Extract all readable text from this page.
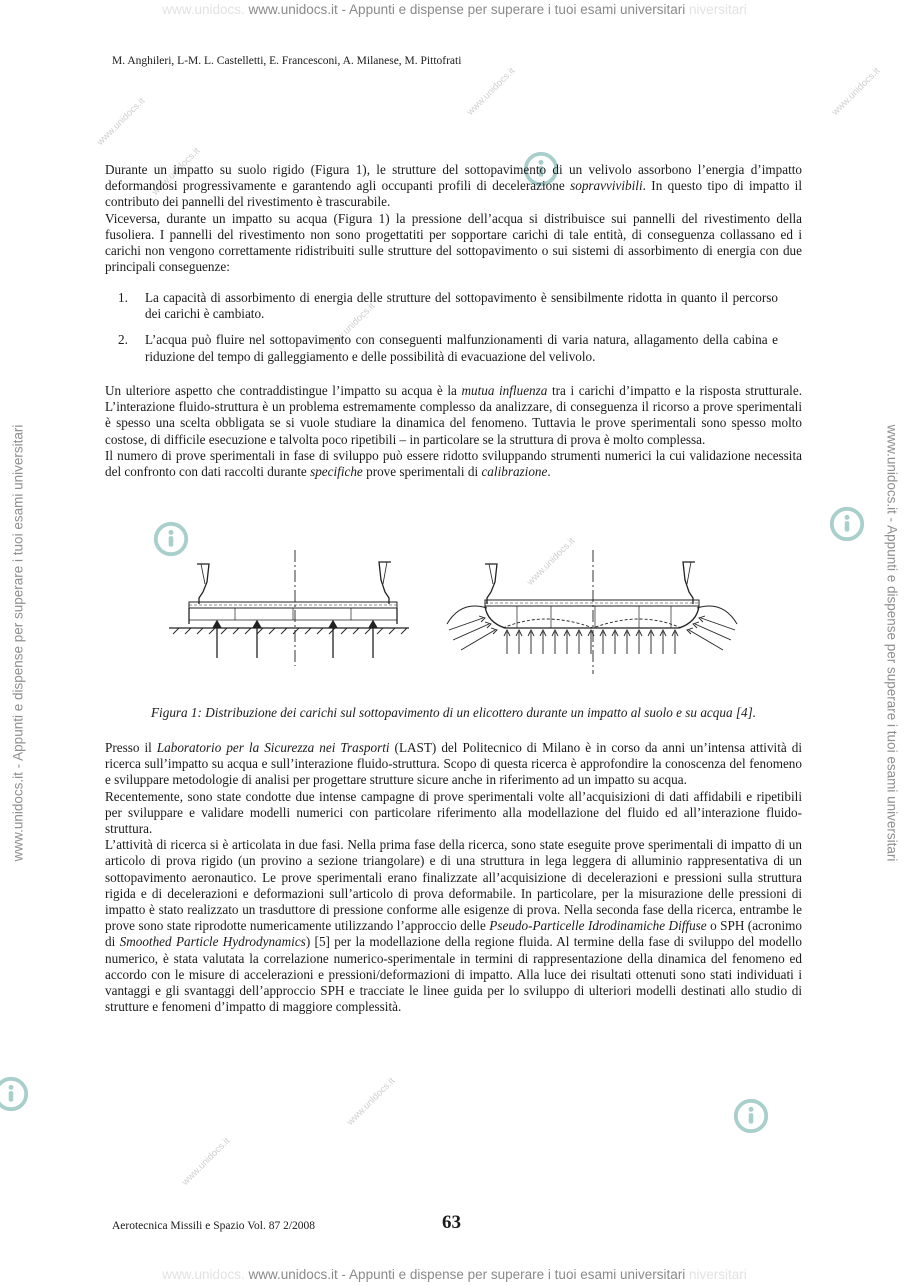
www.unidocs. www.unidocs.it - Appunti e dispense per superare i tuoi esami universitari niversitari
www.unidocs. www.unidocs.it - Appunti e dispense per superare i tuoi esami universitari niversitari
www.unidocs.it - Appunti e dispense per superare i tuoi esami universitari	www.unidocs.it - Appunti e dispense per superare i tuoi esami universitari
www.unidocs.it
www.unidocs.it	www.unidocs.it
www.unidocs.it
www.unidocs.it
www.unidocs.it
www.unidocs.it
www.unidocs.it
M. Anghileri, L-M. L. Castelletti, E. Francesconi, A. Milanese, M. Pittofrati

Durante un impatto su suolo rigido (Figura 1), le strutture del sottopavimento di un velivolo assorbono l’energia d’impatto deformandosi progressivamente e garantendo agli occupanti profili di decelerazione sopravvivibili. In questo tipo di impatto il contributo dei pannelli del rivestimento è trascurabile.

Viceversa, durante un impatto su acqua (Figura 1) la pressione dell’acqua si distribuisce sui pannelli del rivestimento della fusoliera. I pannelli del rivestimento non sono progettatiti per sopportare carichi di tale entità, di conseguenza collassano ed i carichi non vengono correttamente ridistribuiti sulle strutture del sottopavimento o sui sistemi di assorbimento di energia con due principali conseguenze:

1.	La capacità di assorbimento di energia delle strutture del sottopavimento è sensibilmente ridotta in quanto il percorso dei carichi è cambiato.
2.	L’acqua può fluire nel sottopavimento con conseguenti malfunzionamenti di varia natura, allagamento della cabina e riduzione del tempo di galleggiamento e delle possibilità di evacuazione del velivolo.

Un ulteriore aspetto che contraddistingue l’impatto su acqua è la mutua influenza tra i carichi d’impatto e la risposta strutturale. L’interazione fluido-struttura è un problema estremamente complesso da analizzare, di conseguenza il ricorso a prove sperimentali è spesso una scelta obbligata se si vuole studiare la dinamica del fenomeno. Tuttavia le prove sperimentali sono spesso molto costose, di difficile esecuzione e talvolta poco ripetibili – in particolare se la struttura di prova è molto complessa.

Il numero di prove sperimentali in fase di sviluppo può essere ridotto sviluppando strumenti numerici la cui validazione necessita del confronto con dati raccolti durante specifiche prove sperimentali di calibrazione.

Figura 1: Distribuzione dei carichi sul sottopavimento di un elicottero durante un impatto al suolo e su acqua [4].

Presso il Laboratorio per la Sicurezza nei Trasporti (LAST) del Politecnico di Milano è in corso da anni un’intensa attività di ricerca sull’impatto su acqua e sull’interazione fluido-struttura. Scopo di questa ricerca è approfondire la conoscenza del fenomeno e sviluppare metodologie di analisi per progettare strutture sicure anche in riferimento ad un impatto su acqua.

Recentemente, sono state condotte due intense campagne di prove sperimentali volte all’acquisizioni di dati affidabili e ripetibili per sviluppare e validare modelli numerici con particolare riferimento alla modellazione del fluido ed all’interazione fluido-struttura.

L’attività di ricerca si è articolata in due fasi. Nella prima fase della ricerca, sono state eseguite prove sperimentali di impatto di un articolo di prova rigido (un provino a sezione triangolare) e di una struttura in lega leggera di alluminio rappresentativa di un sottopavimento aeronautico. Le prove sperimentali erano finalizzate all’acquisizione di decelerazioni e pressioni sulla struttura rigida e di decelerazioni e deformazioni sull’articolo di prova deformabile. In particolare, per la misurazione delle pressioni di impatto è stato realizzato un trasduttore di pressione conforme alle esigenze di prova. Nella seconda fase della ricerca, entrambe le prove sono state riprodotte numericamente utilizzando l’approccio delle Pseudo-Particelle Idrodinamiche Diffuse o SPH (acronimo di Smoothed Particle Hydrodynamics) [5] per la modellazione della regione fluida. Al termine della fase di sviluppo del modello numerico, è stata valutata la correlazione numerico-sperimentale in termini di rappresentazione della dinamica del fenomeno ed accordo con le misure di accelerazioni e pressioni/deformazioni di impatto. Alla luce dei risultati ottenuti sono stati individuati i vantaggi e gli svantaggi dell’approccio SPH e tracciate le linee guida per lo sviluppo di ulteriori modelli destinati allo studio di strutture e fenomeni d’impatto di maggiore complessità.

Aerotecnica Missili e Spazio Vol. 87 2/2008	63
